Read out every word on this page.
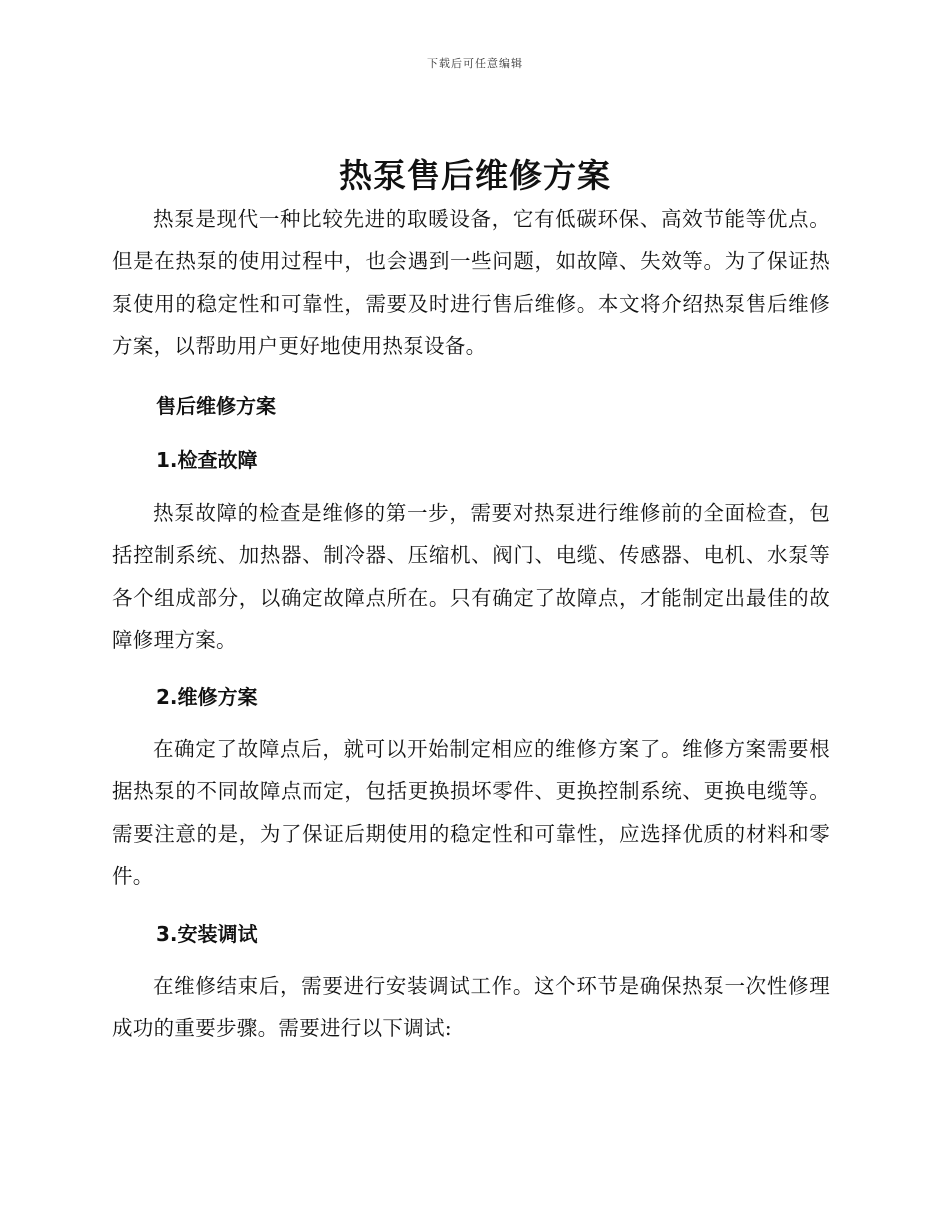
下载后可任意编辑
热泵售后维修方案

热泵是现代一种比较先进的取暖设备，它有低碳环保、高效节能等优点。但是在热泵的使用过程中，也会遇到一些问题，如故障、失效等。为了保证热泵使用的稳定性和可靠性，需要及时进行售后维修。本文将介绍热泵售后维修方案，以帮助用户更好地使用热泵设备。

售后维修方案
1.检查故障

热泵故障的检查是维修的第一步，需要对热泵进行维修前的全面检查，包括控制系统、加热器、制冷器、压缩机、阀门、电缆、传感器、电机、水泵等各个组成部分，以确定故障点所在。只有确定了故障点，才能制定出最佳的故障修理方案。

2.维修方案

在确定了故障点后，就可以开始制定相应的维修方案了。维修方案需要根据热泵的不同故障点而定，包括更换损坏零件、更换控制系统、更换电缆等。需要注意的是，为了保证后期使用的稳定性和可靠性，应选择优质的材料和零件。

3.安装调试

在维修结束后，需要进行安装调试工作。这个环节是确保热泵一次性修理成功的重要步骤。需要进行以下调试:
